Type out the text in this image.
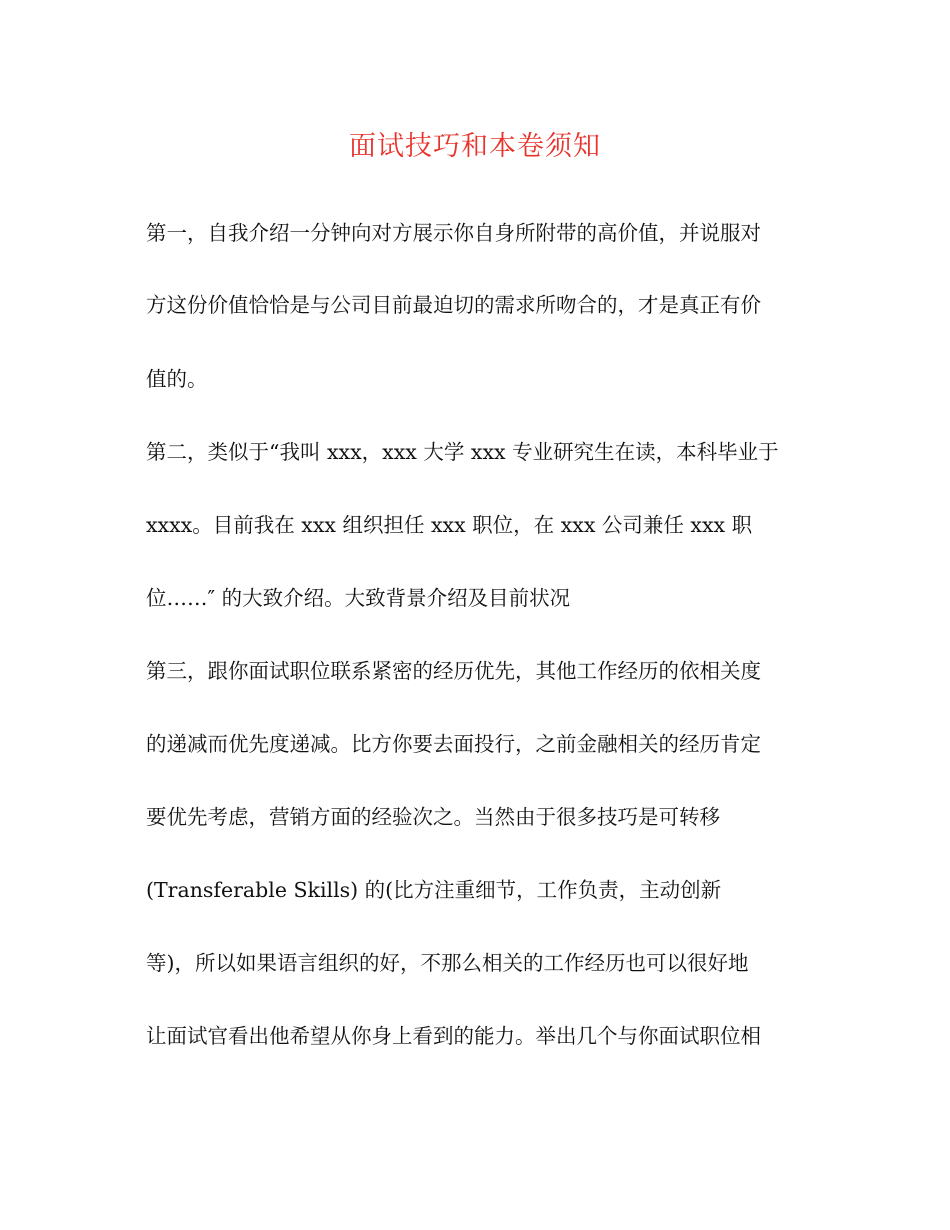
面试技巧和本卷须知
第一，自我介绍一分钟向对方展示你自身所附带的高价值，并说服对
方这份价值恰恰是与公司目前最迫切的需求所吻合的，才是真正有价
值的。
第二，类似于“我叫 xxx，xxx 大学 xxx 专业研究生在读，本科毕业于
xxxx。目前我在 xxx 组织担任 xxx 职位，在 xxx 公司兼任 xxx 职
位……″ 的大致介绍。大致背景介绍及目前状况
第三，跟你面试职位联系紧密的经历优先，其他工作经历的依相关度
的递减而优先度递减。比方你要去面投行，之前金融相关的经历肯定
要优先考虑，营销方面的经验次之。当然由于很多技巧是可转移
(Transferable Skills) 的(比方注重细节，工作负责，主动创新
等)，所以如果语言组织的好，不那么相关的工作经历也可以很好地
让面试官看出他希望从你身上看到的能力。举出几个与你面试职位相
